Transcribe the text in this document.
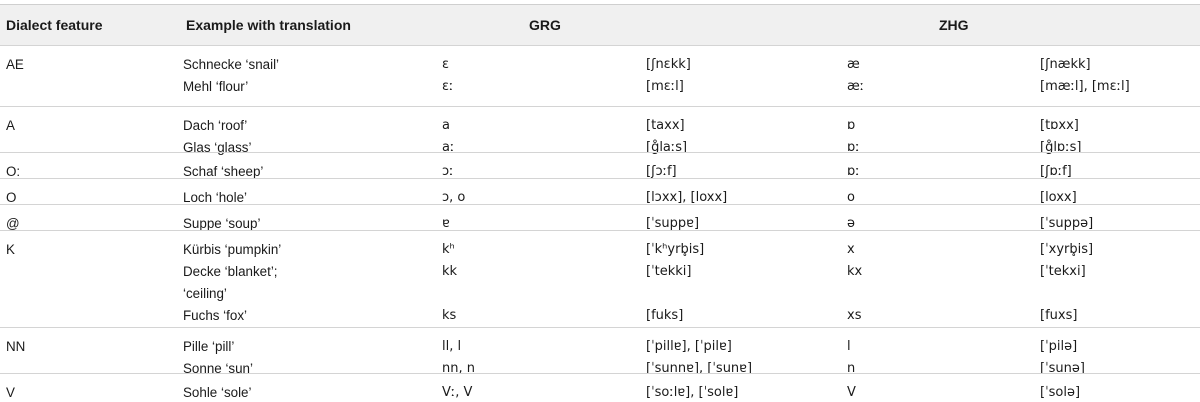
Dialect feature	Example with translation	GRG	ZHG
AE	Schnecke ‘snail’	ɛ	[ʃnɛkk]	æ	[ʃnækk]
Mehl ‘flour’	ɛː	[mɛːl]	æː	[mæːl], [mɛːl]
A	Dach ‘roof’	a	[taxx]	ɒ	[tɒxx]
Glas ‘glass’	aː	[g̊laːs]	ɒː	[g̊lɒːs]
O:	Schaf ‘sheep’	ɔː	[ʃɔːf]	ɒː	[ʃɒːf]
O	Loch ‘hole’	ɔ, o	[lɔxx], [loxx]	o	[loxx]
@	Suppe ‘soup’	ɐ	[ˈsuppɐ]	ə	[ˈsuppə]
K	Kürbis ‘pumpkin’	kʰ	[ˈkʰyrb̥is]	x	[ˈxyrb̥is]
Decke ‘blanket’;	kk	[ˈtekki]	kx	[ˈtekxi]
‘ceiling’
Fuchs ‘fox’	ks	[fuks]	xs	[fuxs]
NN	Pille ‘pill’	ll, l	[ˈpillɐ], [ˈpilɐ]	l	[ˈpilə]
Sonne ‘sun’	nn, n	[ˈsunnɐ], [ˈsunɐ]	n	[ˈsunə]
V	Sohle ‘sole’	Vː, V	[ˈsoːlɐ], [ˈsolɐ]	V	[ˈsolə]
